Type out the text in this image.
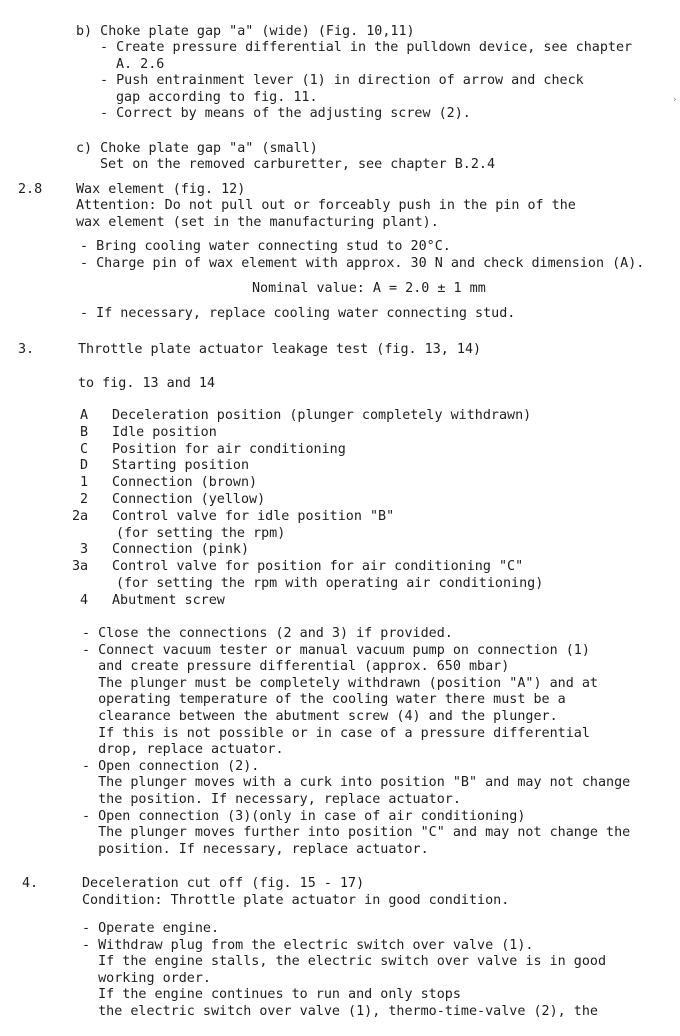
b) Choke plate gap "a" (wide) (Fig. 10,11)
- Create pressure differential in the pulldown device, see chapter
A. 2.6
- Push entrainment lever (1) in direction of arrow and check
gap according to fig. 11.
- Correct by means of the adjusting screw (2).
›
c) Choke plate gap "a" (small)
Set on the removed carburetter, see chapter B.2.4
2.8	Wax element (fig. 12)
Attention: Do not pull out or forceably push in the pin of the
wax element (set in the manufacturing plant).
- Bring cooling water connecting stud to 20°C.
- Charge pin of wax element with approx. 30 N and check dimension (A).
Nominal value: A = 2.0 ± 1 mm
- If necessary, replace cooling water connecting stud.
3.	Throttle plate actuator leakage test (fig. 13, 14)
to fig. 13 and 14
4.	Deceleration cut off (fig. 15 - 17)
Condition: Throttle plate actuator in good condition.
A Deceleration position (plunger completely withdrawn)
B Idle position
C Position for air conditioning
D Starting position
1 Connection (brown)
2 Connection (yellow)
2a Control valve for idle position "B"
(for setting the rpm)
3 Connection (pink)
3a Control valve for position for air conditioning "C"
(for setting the rpm with operating air conditioning)
4 Abutment screw
- Close the connections (2 and 3) if provided.
- Connect vacuum tester or manual vacuum pump on connection (1)
and create pressure differential (approx. 650 mbar)
The plunger must be completely withdrawn (position "A") and at
operating temperature of the cooling water there must be a
clearance between the abutment screw (4) and the plunger.
If this is not possible or in case of a pressure differential
drop, replace actuator.
- Open connection (2).
The plunger moves with a curk into position "B" and may not change
the position. If necessary, replace actuator.
- Open connection (3)(only in case of air conditioning)
The plunger moves further into position "C" and may not change the
position. If necessary, replace actuator.
- Operate engine.
- Withdraw plug from the electric switch over valve (1).
If the engine stalls, the electric switch over valve is in good
working order.
If the engine continues to run and only stops
the electric switch over valve (1), thermo-time-valve (2), the
